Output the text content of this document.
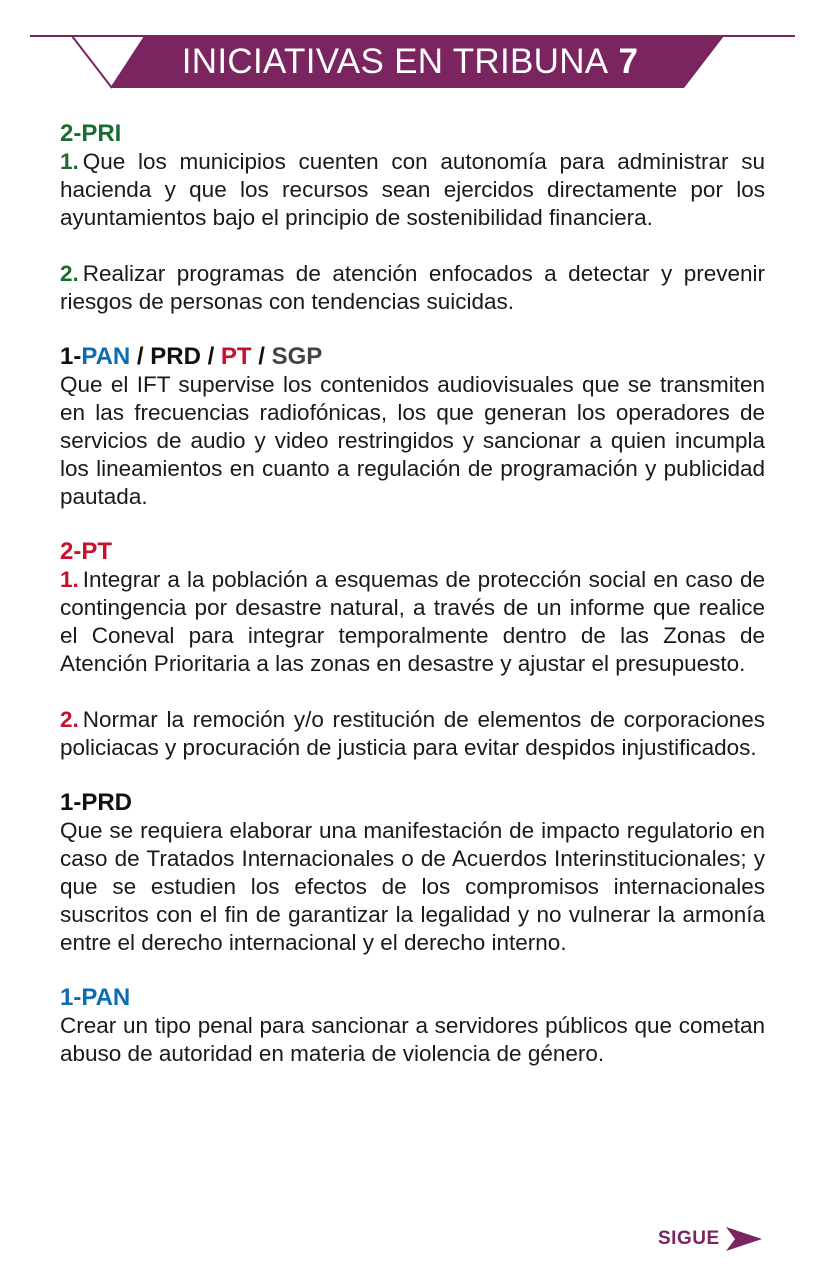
INICIATIVAS EN TRIBUNA 7
2-PRI

1. Que los municipios cuenten con autonomía para administrar su hacienda y que los recursos sean ejercidos directamente por los ayuntamientos bajo el principio de sostenibilidad financiera.

2. Realizar programas de atención enfocados a detectar y prevenir riesgos de personas con tendencias suicidas.

1-PAN / PRD / PT / SGP

Que el IFT supervise los contenidos audiovisuales que se transmiten en las frecuencias radiofónicas, los que generan los operadores de servicios de audio y video restringidos y sancionar a quien incumpla los lineamientos en cuanto a regulación de programación y publicidad pautada.

2-PT

1. Integrar a la población a esquemas de protección social en caso de contingencia por desastre natural, a través de un informe que realice el Coneval para integrar temporalmente dentro de las Zonas de Atención Prioritaria a las zonas en desastre y ajustar el presupuesto.

2. Normar la remoción y/o restitución de elementos de corporaciones policiacas y procuración de justicia para evitar despidos injustificados.

1-PRD

Que se requiera elaborar una manifestación de impacto regulatorio en caso de Tratados Internacionales o de Acuerdos Interinstitucionales; y que se estudien los efectos de los compromisos internacionales suscritos con el fin de garantizar la legalidad y no vulnerar la armonía entre el derecho internacional y el derecho interno.

1-PAN

Crear un tipo penal para sancionar a servidores públicos que cometan abuso de autoridad en materia de violencia de género.

SIGUE
